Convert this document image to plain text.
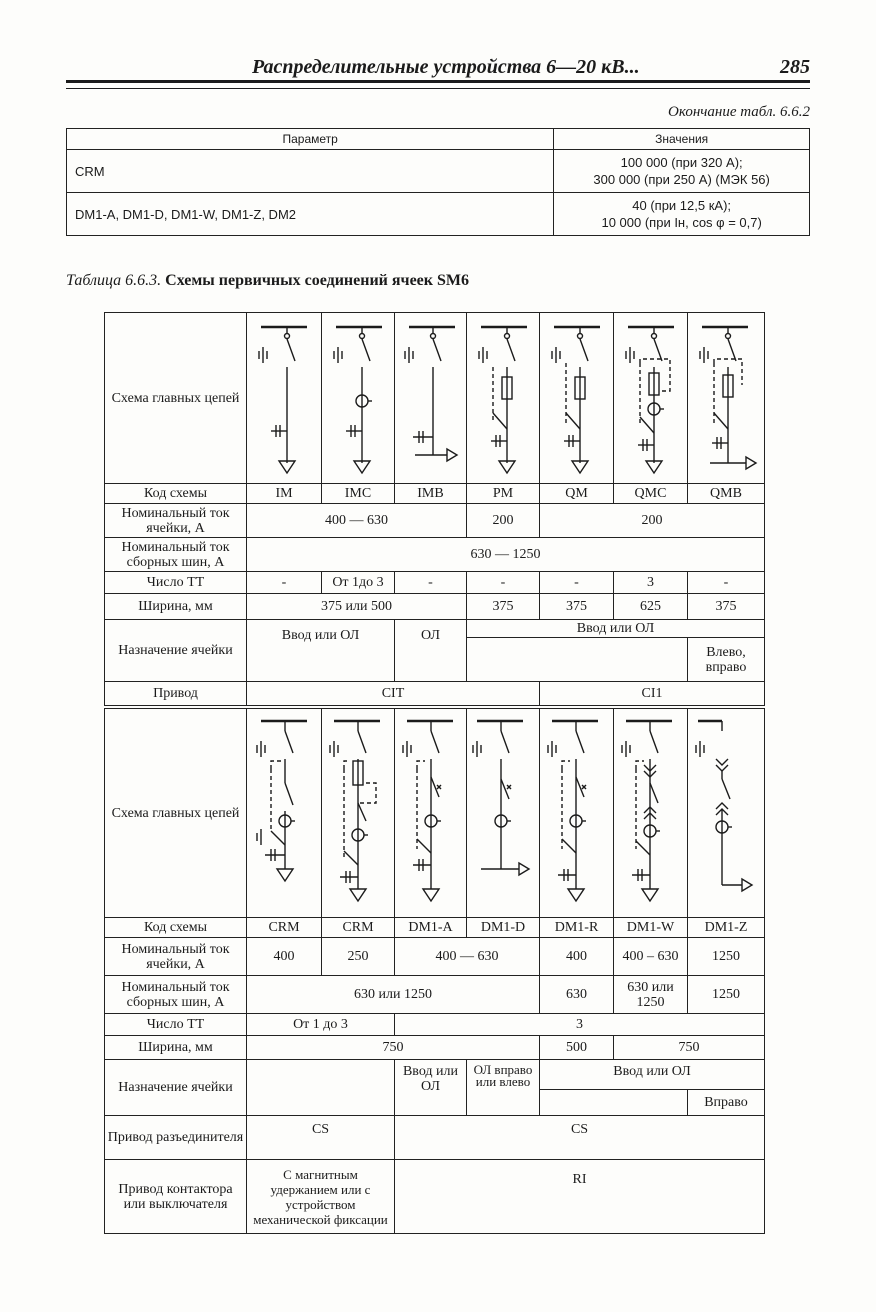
Распределительные устройства 6—20 кВ...	285
Окончание табл. 6.6.2
Параметр	Значения
CRM	100 000 (при 320 А);
300 000 (при 250 А) (МЭК 56)

DM1-A, DM1-D, DM1-W, DM1-Z, DM2	40 (при 12,5 кА);
10 000 (при Iн, cos φ = 0,7)
Таблица 6.6.3. Схемы первичных соединений ячеек SM6
Схема главных цепей	

Код схемы	IM	IMC	IMB	PM	QM	QMC	QMB
Номинальный ток ячейки, А	400 — 630			200	200		
Номинальный ток сборных шин, А	630 — 1250						
Число ТТ	-	От 1до 3	-	-	-	3	-
Ширина, мм	375 или 500			375	375	625	375
Назначение ячейки	Ввод или ОЛ		ОЛ	Ввод или ОЛ			
							Влево, вправо
Привод	CIT				CI1		
Схема главных цепей	

Код схемы	CRM	CRM	DM1-A	DM1-D	DM1-R	DM1-W	DM1-Z
Номинальный ток ячейки, А	400	250	400 — 630		400	400 – 630	1250
Номинальный ток сборных шин, А	630 или 1250				630	630 или 1250	1250
Число ТТ	От 1 до 3		3				
Ширина, мм	750				500	750	
Назначение ячейки			Ввод или ОЛ	ОЛ вправо или влево	Ввод или ОЛ		
							Вправо
Привод разъединителя	CS		CS				
Привод контактора или выключателя	С магнитным удержанием или с устройством механической фиксации		RI				
